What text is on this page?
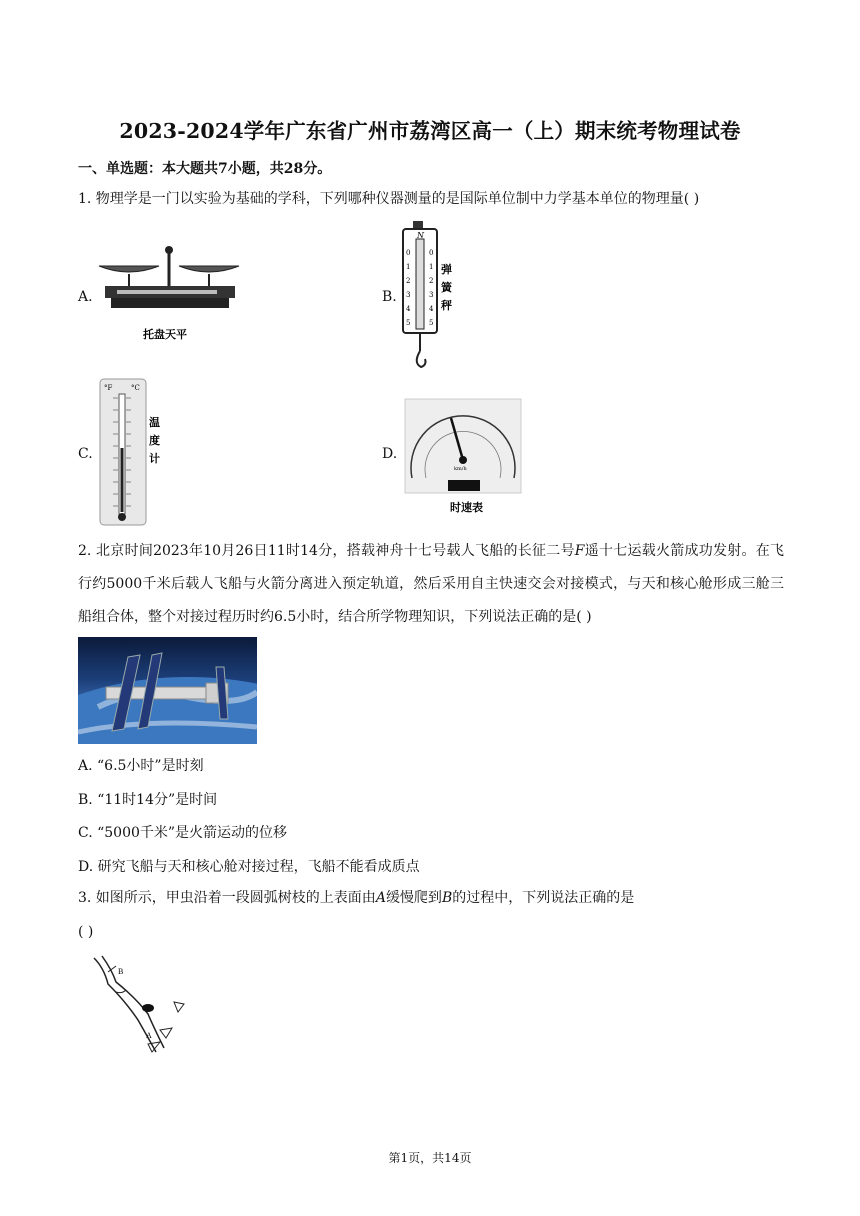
2023-2024学年广东省广州市荔湾区高一（上）期末统考物理试卷
一、单选题：本大题共7小题，共28分。
1. 物理学是一门以实验为基础的学科，下列哪种仪器测量的是国际单位制中力学基本单位的物理量( )
A.
托盘天平
B.
N
0
1
2
3
4
5
0
1
2
3
4
5
弹
簧
秤
C.
°F	°C
温
度
计	D.
km/h
时速表
2. 北京时间2023年10月26日11时14分，搭载神舟十七号载人飞船的长征二号F遥十七运载火箭成功发射。在飞行约5000千米后载人飞船与火箭分离进入预定轨道，然后采用自主快速交会对接模式，与天和核心舱形成三舱三船组合体，整个对接过程历时约6.5小时，结合所学物理知识，下列说法正确的是( )
A. “6.5小时”是时刻
B. “11时14分”是时间
C. “5000千米”是火箭运动的位移
D. 研究飞船与天和核心舱对接过程，飞船不能看成质点
3. 如图所示，甲虫沿着一段圆弧树枝的上表面由A缓慢爬到B的过程中，下列说法正确的是
( )
B
A
第1页，共14页
